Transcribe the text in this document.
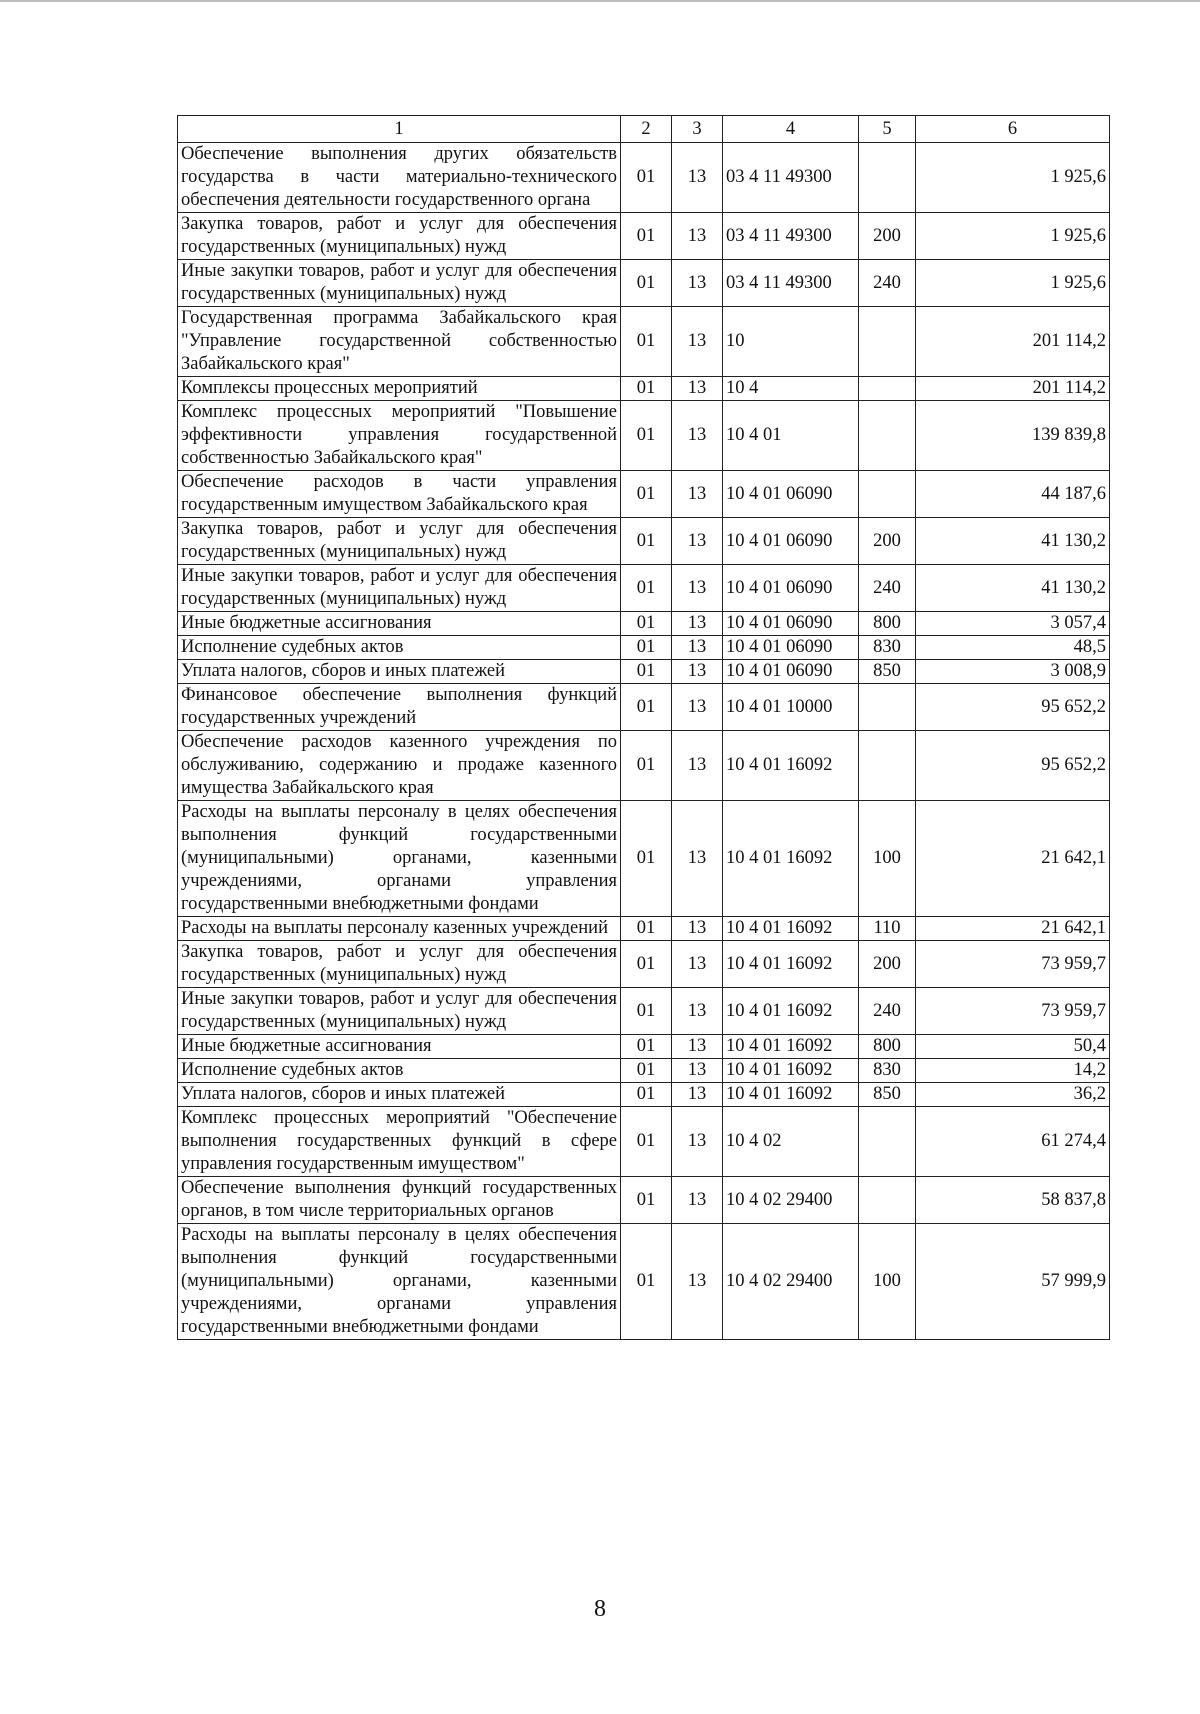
1	2	3	4	5	6
Обеспечение выполнения других обязательств государства в части материально-технического обеспечения деятельности государственного органа	01	13	03 4 11 49300		1 925,6
Закупка товаров, работ и услуг для обеспечения государственных (муниципальных) нужд	01	13	03 4 11 49300	200	1 925,6
Иные закупки товаров, работ и услуг для обеспечения государственных (муниципальных) нужд	01	13	03 4 11 49300	240	1 925,6
Государственная программа Забайкальского края "Управление государственной собственностью Забайкальского края"	01	13	10		201 114,2
Комплексы процессных мероприятий	01	13	10 4		201 114,2
Комплекс процессных мероприятий "Повышение эффективности управления государственной собственностью Забайкальского края"	01	13	10 4 01		139 839,8
Обеспечение расходов в части управления государственным имуществом Забайкальского края	01	13	10 4 01 06090		44 187,6
Закупка товаров, работ и услуг для обеспечения государственных (муниципальных) нужд	01	13	10 4 01 06090	200	41 130,2
Иные закупки товаров, работ и услуг для обеспечения государственных (муниципальных) нужд	01	13	10 4 01 06090	240	41 130,2
Иные бюджетные ассигнования	01	13	10 4 01 06090	800	3 057,4
Исполнение судебных актов	01	13	10 4 01 06090	830	48,5
Уплата налогов, сборов и иных платежей	01	13	10 4 01 06090	850	3 008,9
Финансовое обеспечение выполнения функций государственных учреждений	01	13	10 4 01 10000		95 652,2
Обеспечение расходов казенного учреждения по обслуживанию, содержанию и продаже казенного имущества Забайкальского края	01	13	10 4 01 16092		95 652,2
Расходы на выплаты персоналу в целях обеспечения выполнения функций государственными (муниципальными) органами, казенными учреждениями, органами управления государственными внебюджетными фондами	01	13	10 4 01 16092	100	21 642,1
Расходы на выплаты персоналу казенных учреждений	01	13	10 4 01 16092	110	21 642,1
Закупка товаров, работ и услуг для обеспечения государственных (муниципальных) нужд	01	13	10 4 01 16092	200	73 959,7
Иные закупки товаров, работ и услуг для обеспечения государственных (муниципальных) нужд	01	13	10 4 01 16092	240	73 959,7
Иные бюджетные ассигнования	01	13	10 4 01 16092	800	50,4
Исполнение судебных актов	01	13	10 4 01 16092	830	14,2
Уплата налогов, сборов и иных платежей	01	13	10 4 01 16092	850	36,2
Комплекс процессных мероприятий "Обеспечение выполнения государственных функций в сфере управления государственным имуществом"	01	13	10 4 02		61 274,4
Обеспечение выполнения функций государственных органов, в том числе территориальных органов	01	13	10 4 02 29400		58 837,8
Расходы на выплаты персоналу в целях обеспечения выполнения функций государственными (муниципальными) органами, казенными учреждениями, органами управления государственными внебюджетными фондами	01	13	10 4 02 29400	100	57 999,9
8
